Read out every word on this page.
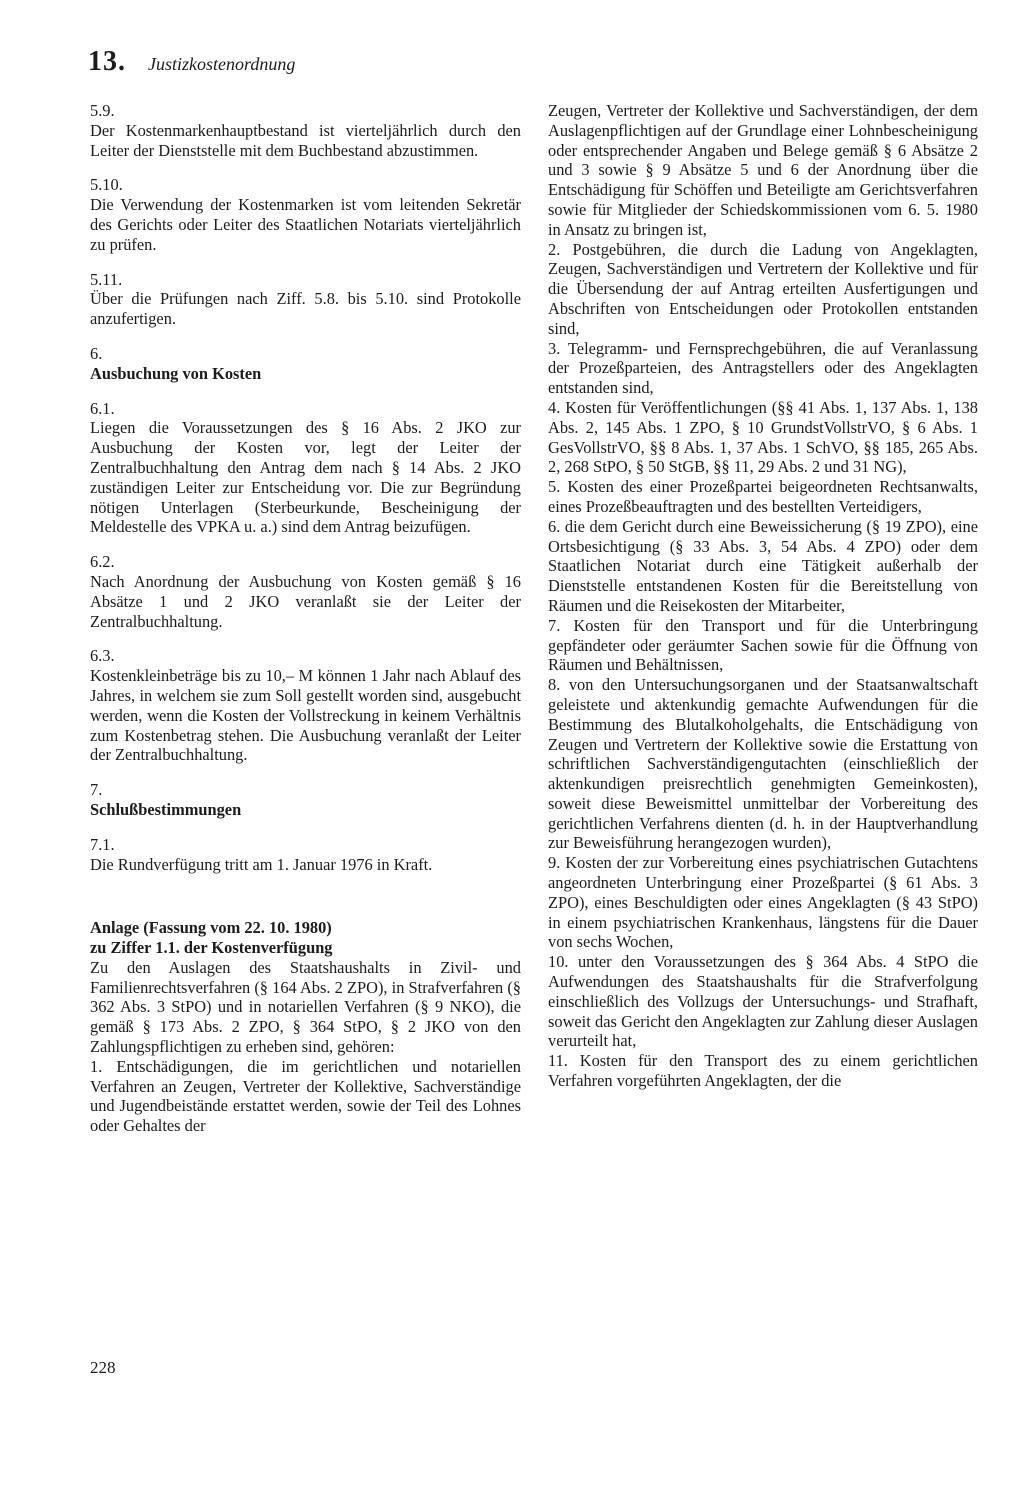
13. Justizkostenordnung
5.9.
Der Kostenmarkenhauptbestand ist vierteljährlich durch den Leiter der Dienststelle mit dem Buchbestand abzustimmen.
5.10.
Die Verwendung der Kostenmarken ist vom leitenden Sekretär des Gerichts oder Leiter des Staatlichen Notariats vierteljährlich zu prüfen.
5.11.
Über die Prüfungen nach Ziff. 5.8. bis 5.10. sind Protokolle anzufertigen.
6.
Ausbuchung von Kosten
6.1.
Liegen die Voraussetzungen des § 16 Abs. 2 JKO zur Ausbuchung der Kosten vor, legt der Leiter der Zentralbuchhaltung den Antrag dem nach § 14 Abs. 2 JKO zuständigen Leiter zur Entscheidung vor. Die zur Begründung nötigen Unterlagen (Sterbeurkunde, Bescheinigung der Meldestelle des VPKA u. a.) sind dem Antrag beizufügen.
6.2.
Nach Anordnung der Ausbuchung von Kosten gemäß § 16 Absätze 1 und 2 JKO veranlaßt sie der Leiter der Zentralbuchhaltung.
6.3.
Kostenkleinbeträge bis zu 10,– M können 1 Jahr nach Ablauf des Jahres, in welchem sie zum Soll gestellt worden sind, ausgebucht werden, wenn die Kosten der Vollstreckung in keinem Verhältnis zum Kostenbetrag stehen. Die Ausbuchung veranlaßt der Leiter der Zentralbuchhaltung.
7.
Schlußbestimmungen
7.1.
Die Rundverfügung tritt am 1. Januar 1976 in Kraft.
Anlage (Fassung vom 22. 10. 1980)
zu Ziffer 1.1. der Kostenverfügung
Zu den Auslagen des Staatshaushalts in Zivil- und Familienrechtsverfahren (§ 164 Abs. 2 ZPO), in Strafverfahren (§ 362 Abs. 3 StPO) und in notariellen Verfahren (§ 9 NKO), die gemäß § 173 Abs. 2 ZPO, § 364 StPO, § 2 JKO von den Zahlungspflichtigen zu erheben sind, gehören:
1. Entschädigungen, die im gerichtlichen und notariellen Verfahren an Zeugen, Vertreter der Kollektive, Sachverständige und Jugendbeistände erstattet werden, sowie der Teil des Lohnes oder Gehaltes der
Zeugen, Vertreter der Kollektive und Sachverständigen, der dem Auslagenpflichtigen auf der Grundlage einer Lohnbescheinigung oder entsprechender Angaben und Belege gemäß § 6 Absätze 2 und 3 sowie § 9 Absätze 5 und 6 der Anordnung über die Entschädigung für Schöffen und Beteiligte am Gerichtsverfahren sowie für Mitglieder der Schiedskommissionen vom 6. 5. 1980 in Ansatz zu bringen ist,
2. Postgebühren, die durch die Ladung von Angeklagten, Zeugen, Sachverständigen und Vertretern der Kollektive und für die Übersendung der auf Antrag erteilten Ausfertigungen und Abschriften von Entscheidungen oder Protokollen entstanden sind,
3. Telegramm- und Fernsprechgebühren, die auf Veranlassung der Prozeßparteien, des Antragstellers oder des Angeklagten entstanden sind,
4. Kosten für Veröffentlichungen (§§ 41 Abs. 1, 137 Abs. 1, 138 Abs. 2, 145 Abs. 1 ZPO, § 10 GrundstVollstrVO, § 6 Abs. 1 GesVollstrVO, §§ 8 Abs. 1, 37 Abs. 1 SchVO, §§ 185, 265 Abs. 2, 268 StPO, § 50 StGB, §§ 11, 29 Abs. 2 und 31 NG),
5. Kosten des einer Prozeßpartei beigeordneten Rechtsanwalts, eines Prozeßbeauftragten und des bestellten Verteidigers,
6. die dem Gericht durch eine Beweissicherung (§ 19 ZPO), eine Ortsbesichtigung (§ 33 Abs. 3, 54 Abs. 4 ZPO) oder dem Staatlichen Notariat durch eine Tätigkeit außerhalb der Dienststelle entstandenen Kosten für die Bereitstellung von Räumen und die Reisekosten der Mitarbeiter,
7. Kosten für den Transport und für die Unterbringung gepfändeter oder geräumter Sachen sowie für die Öffnung von Räumen und Behältnissen,
8. von den Untersuchungsorganen und der Staatsanwaltschaft geleistete und aktenkundig gemachte Aufwendungen für die Bestimmung des Blutalkoholgehalts, die Entschädigung von Zeugen und Vertretern der Kollektive sowie die Erstattung von schriftlichen Sachverständigengutachten (einschließlich der aktenkundigen preisrechtlich genehmigten Gemeinkosten), soweit diese Beweismittel unmittelbar der Vorbereitung des gerichtlichen Verfahrens dienten (d. h. in der Hauptverhandlung zur Beweisführung herangezogen wurden),
9. Kosten der zur Vorbereitung eines psychiatrischen Gutachtens angeordneten Unterbringung einer Prozeßpartei (§ 61 Abs. 3 ZPO), eines Beschuldigten oder eines Angeklagten (§ 43 StPO) in einem psychiatrischen Krankenhaus, längstens für die Dauer von sechs Wochen,
10. unter den Voraussetzungen des § 364 Abs. 4 StPO die Aufwendungen des Staatshaushalts für die Strafverfolgung einschließlich des Vollzugs der Untersuchungs- und Strafhaft, soweit das Gericht den Angeklagten zur Zahlung dieser Auslagen verurteilt hat,
11. Kosten für den Transport des zu einem gerichtlichen Verfahren vorgeführten Angeklagten, der die
228
